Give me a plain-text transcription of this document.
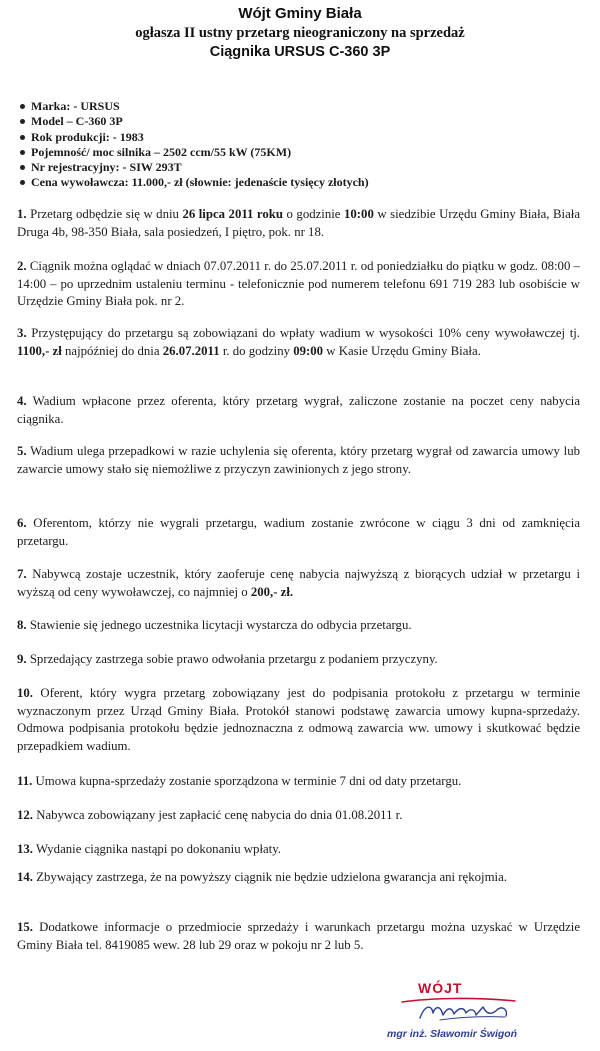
Wójt Gminy Biała
ogłasza II ustny przetarg nieograniczony na sprzedaż
Ciągnika URSUS C-360 3P
Marka: - URSUS
Model – C-360 3P
Rok produkcji: - 1983
Pojemność/ moc silnika – 2502 ccm/55 kW (75KM)
Nr rejestracyjny: - SIW 293T
Cena wywoławcza: 11.000,- zł (słownie: jedenaście tysięcy złotych)
1. Przetarg odbędzie się w dniu 26 lipca 2011 roku o godzinie 10:00 w siedzibie Urzędu Gminy Biała, Biała Druga 4b, 98-350 Biała, sala posiedzeń, I piętro, pok. nr 18.
2. Ciągnik można oglądać w dniach 07.07.2011 r. do 25.07.2011 r. od poniedziałku do piątku w godz. 08:00 – 14:00 – po uprzednim ustaleniu terminu - telefonicznie pod numerem telefonu 691 719 283 lub osobiście w Urzędzie Gminy Biała pok. nr 2.
3. Przystępujący do przetargu są zobowiązani do wpłaty wadium w wysokości 10% ceny wywoławczej tj. 1100,- zł najpóźniej do dnia 26.07.2011 r. do godziny 09:00 w Kasie Urzędu Gminy Biała.
4. Wadium wpłacone przez oferenta, który przetarg wygrał, zaliczone zostanie na poczet ceny nabycia ciągnika.
5. Wadium ulega przepadkowi w razie uchylenia się oferenta, który przetarg wygrał od zawarcia umowy lub zawarcie umowy stało się niemożliwe z przyczyn zawinionych z jego strony.
6. Oferentom, którzy nie wygrali przetargu, wadium zostanie zwrócone w ciągu 3 dni od zamknięcia przetargu.
7. Nabywcą zostaje uczestnik, który zaoferuje cenę nabycia najwyższą z biorących udział w przetargu i wyższą od ceny wywoławczej, co najmniej o 200,- zł.
8. Stawienie się jednego uczestnika licytacji wystarcza do odbycia przetargu.
9. Sprzedający zastrzega sobie prawo odwołania przetargu z podaniem przyczyny.
10. Oferent, który wygra przetarg zobowiązany jest do podpisania protokołu z przetargu w terminie wyznaczonym przez Urząd Gminy Biała. Protokół stanowi podstawę zawarcia umowy kupna-sprzedaży. Odmowa podpisania protokołu będzie jednoznaczna z odmową zawarcia ww. umowy i skutkować będzie przepadkiem wadium.
11. Umowa kupna-sprzedaży zostanie sporządzona w terminie 7 dni od daty przetargu.
12. Nabywca zobowiązany jest zapłacić cenę nabycia do dnia 01.08.2011 r.
13. Wydanie ciągnika nastąpi po dokonaniu wpłaty.
14. Zbywający zastrzega, że na powyższy ciągnik nie będzie udzielona gwarancja ani rękojmia.
15. Dodatkowe informacje o przedmiocie sprzedaży i warunkach przetargu można uzyskać w Urzędzie Gminy Biała tel. 8419085 wew. 28 lub 29 oraz w pokoju nr 2 lub 5.
WÓJT
mgr inż. Sławomir Świgoń
